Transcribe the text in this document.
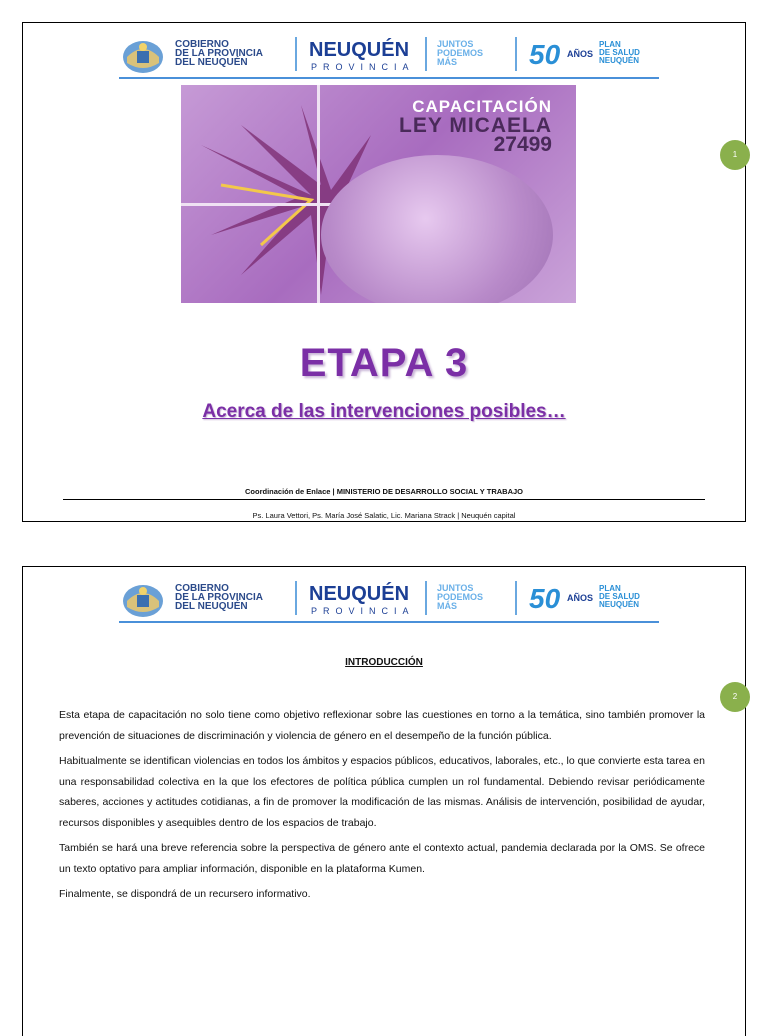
COBIERNO
DE LA PROVINCIA
DEL NEUQUÉN
NEUQUÉN
PROVINCIA
JUNTOS
PODEMOS
MÁS	50 AÑOS
PLAN
DE SALUD
NEUQUÉN
CAPACITACIÓN
LEY MICAELA
27499
ETAPA 3
Acerca de las intervenciones posibles…
Coordinación de Enlace | MINISTERIO DE DESARROLLO SOCIAL Y TRABAJO
Ps. Laura Vettori, Ps. María José Salatic, Lic. Mariana Strack | Neuquén capital
1
COBIERNO
DE LA PROVINCIA
DEL NEUQUÉN
NEUQUÉN
PROVINCIA
JUNTOS
PODEMOS
MÁS	50 AÑOS
PLAN
DE SALUD
NEUQUÉN
INTRODUCCIÓN

Esta etapa de capacitación no solo tiene como objetivo reflexionar sobre las cuestiones en torno a la temática, sino también promover la prevención de situaciones de discriminación y violencia de género en el desempeño de la función pública.

Habitualmente se identifican violencias en todos los ámbitos y espacios públicos, educativos, laborales, etc., lo que convierte esta tarea en una responsabilidad colectiva en la que los efectores de política pública cumplen un rol fundamental. Debiendo revisar periódicamente saberes, acciones y actitudes cotidianas, a fin de promover la modificación de las mismas. Análisis de intervención, posibilidad de ayudar, recursos disponibles y asequibles dentro de los espacios de trabajo.

También se hará una breve referencia sobre la perspectiva de género ante el contexto actual, pandemia declarada por la OMS. Se ofrece un texto optativo para ampliar información, disponible en la plataforma Kumen.

Finalmente, se dispondrá de un recursero informativo.

2
